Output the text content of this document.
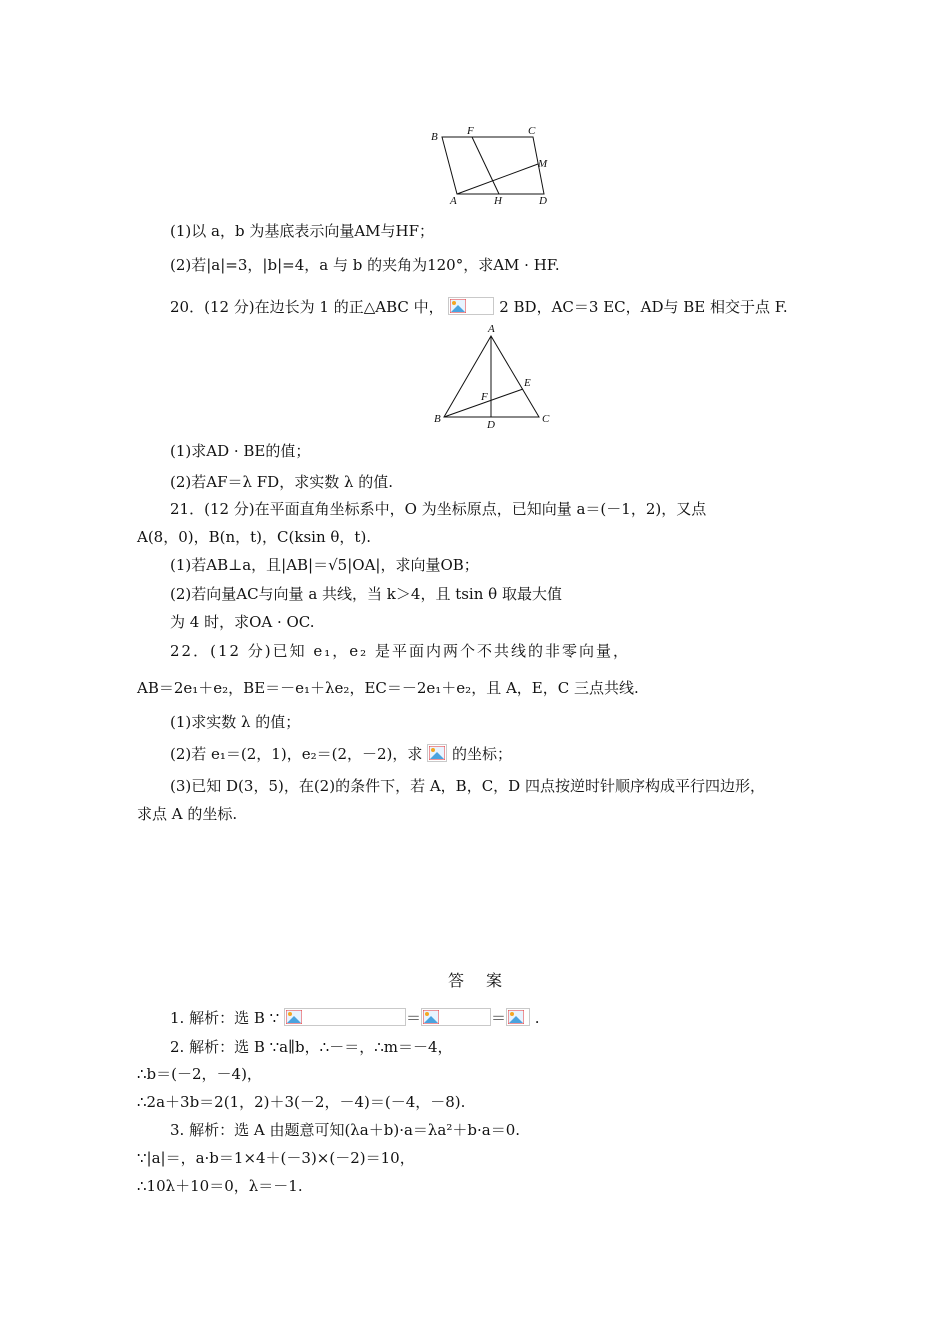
B	F	C
M
A	H	D
(1)以 a，b 为基底表示向量AM与HF；
(2)若|a|=3，|b|=4，a 与 b 的夹角为120°，求AM · HF.
20．(12 分)在边长为 1 的正△ABC 中，	2 BD，AC＝3 EC，AD与 BE 相交于点 F.
A
E
F
B	D	C
(1)求AD · BE的值；
(2)若AF＝λ FD，求实数 λ 的值.
21．(12 分)在平面直角坐标系中，O 为坐标原点，已知向量 a＝(－1，2)，又点
A(8，0)，B(n，t)，C(ksin θ，t).
(1)若AB⊥a，且|AB|＝√5|OA|，求向量OB；
(2)若向量AC与向量 a 共线，当 k＞4，且 tsin θ 取最大值
为 4 时，求OA · OC.
22．(12 分)已知 e₁，e₂ 是平面内两个不共线的非零向量，
AB＝2e₁＋e₂，BE＝－e₁＋λe₂，EC＝－2e₁＋e₂，且 A，E，C 三点共线.
(1)求实数 λ 的值；
(2)若 e₁＝(2，1)，e₂＝(2，－2)，求 的坐标；
(3)已知 D(3，5)，在(2)的条件下，若 A，B，C，D 四点按逆时针顺序构成平行四边形，
求点 A 的坐标.
答案
1. 解析：选 B ∵	＝	＝ .
2. 解析：选 B ∵a∥b，∴－＝，∴m＝－4，
∴b＝(－2，－4)，
∴2a＋3b＝2(1，2)＋3(－2，－4)＝(－4，－8).
3. 解析：选 A 由题意可知(λa＋b)·a＝λa²＋b·a＝0.
∵|a|＝，a·b＝1×4＋(－3)×(－2)＝10，
∴10λ＋10＝0，λ＝－1.
